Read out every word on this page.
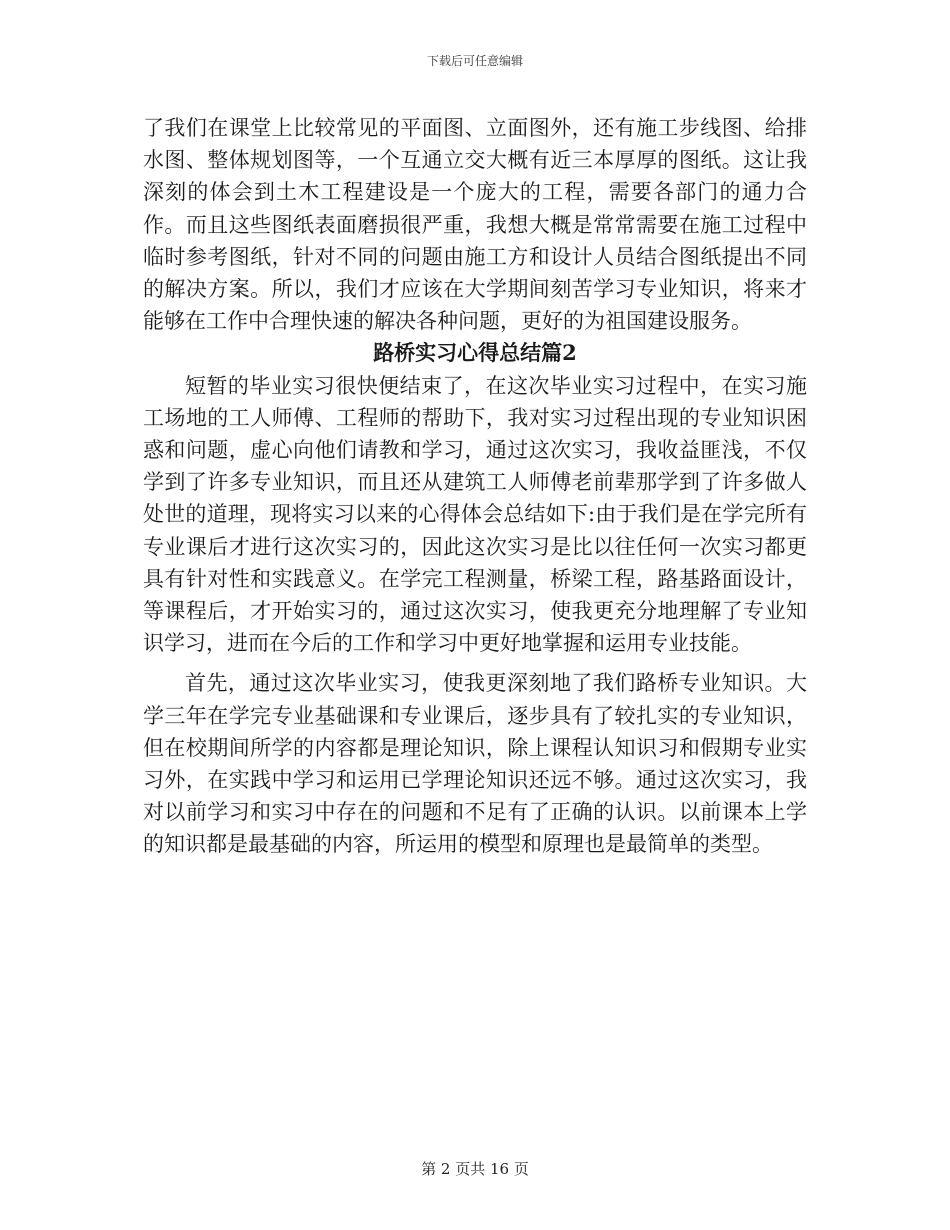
下载后可任意编辑

了我们在课堂上比较常见的平面图、立面图外，还有施工步线图、给排水图、整体规划图等，一个互通立交大概有近三本厚厚的图纸。这让我深刻的体会到土木工程建设是一个庞大的工程，需要各部门的通力合作。而且这些图纸表面磨损很严重，我想大概是常常需要在施工过程中临时参考图纸，针对不同的问题由施工方和设计人员结合图纸提出不同的解决方案。所以，我们才应该在大学期间刻苦学习专业知识，将来才能够在工作中合理快速的解决各种问题，更好的为祖国建设服务。

路桥实习心得总结篇2

短暂的毕业实习很快便结束了，在这次毕业实习过程中，在实习施工场地的工人师傅、工程师的帮助下，我对实习过程出现的专业知识困惑和问题，虚心向他们请教和学习，通过这次实习，我收益匪浅，不仅学到了许多专业知识，而且还从建筑工人师傅老前辈那学到了许多做人处世的道理，现将实习以来的心得体会总结如下:由于我们是在学完所有专业课后才进行这次实习的，因此这次实习是比以往任何一次实习都更具有针对性和实践意义。在学完工程测量，桥梁工程，路基路面设计，等课程后，才开始实习的，通过这次实习，使我更充分地理解了专业知识学习，进而在今后的工作和学习中更好地掌握和运用专业技能。

首先，通过这次毕业实习，使我更深刻地了我们路桥专业知识。大学三年在学完专业基础课和专业课后，逐步具有了较扎实的专业知识，但在校期间所学的内容都是理论知识，除上课程认知识习和假期专业实习外，在实践中学习和运用已学理论知识还远不够。通过这次实习，我对以前学习和实习中存在的问题和不足有了正确的认识。以前课本上学的知识都是最基础的内容，所运用的模型和原理也是最简单的类型。

第 2 页共 16 页
